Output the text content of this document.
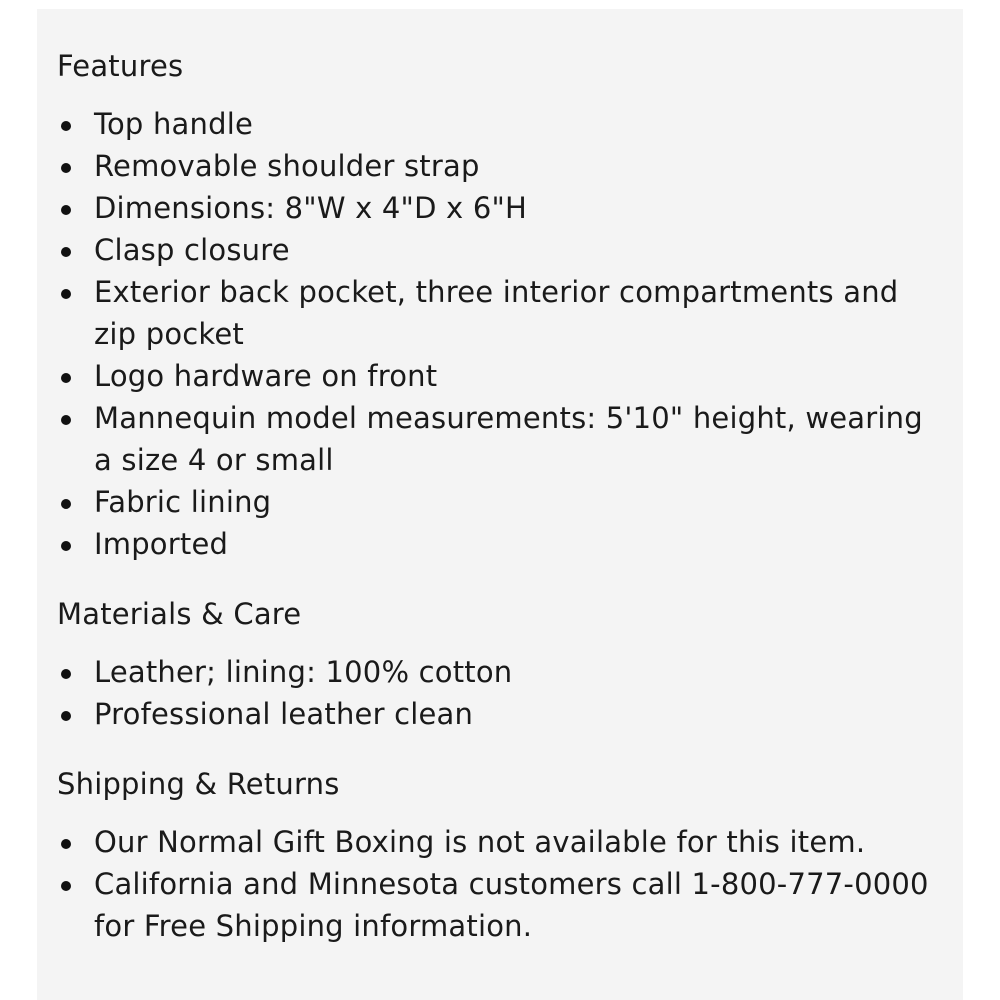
Features
Top handle
Removable shoulder strap
Dimensions: 8"W x 4"D x 6"H
Clasp closure
Exterior back pocket, three interior compartments and zip pocket
Logo hardware on front
Mannequin model measurements: 5'10" height, wearing a size 4 or small
Fabric lining
Imported
Materials & Care
Leather; lining: 100% cotton
Professional leather clean
Shipping & Returns
Our Normal Gift Boxing is not available for this item.
California and Minnesota customers call 1-800-777-0000 for Free Shipping information.
